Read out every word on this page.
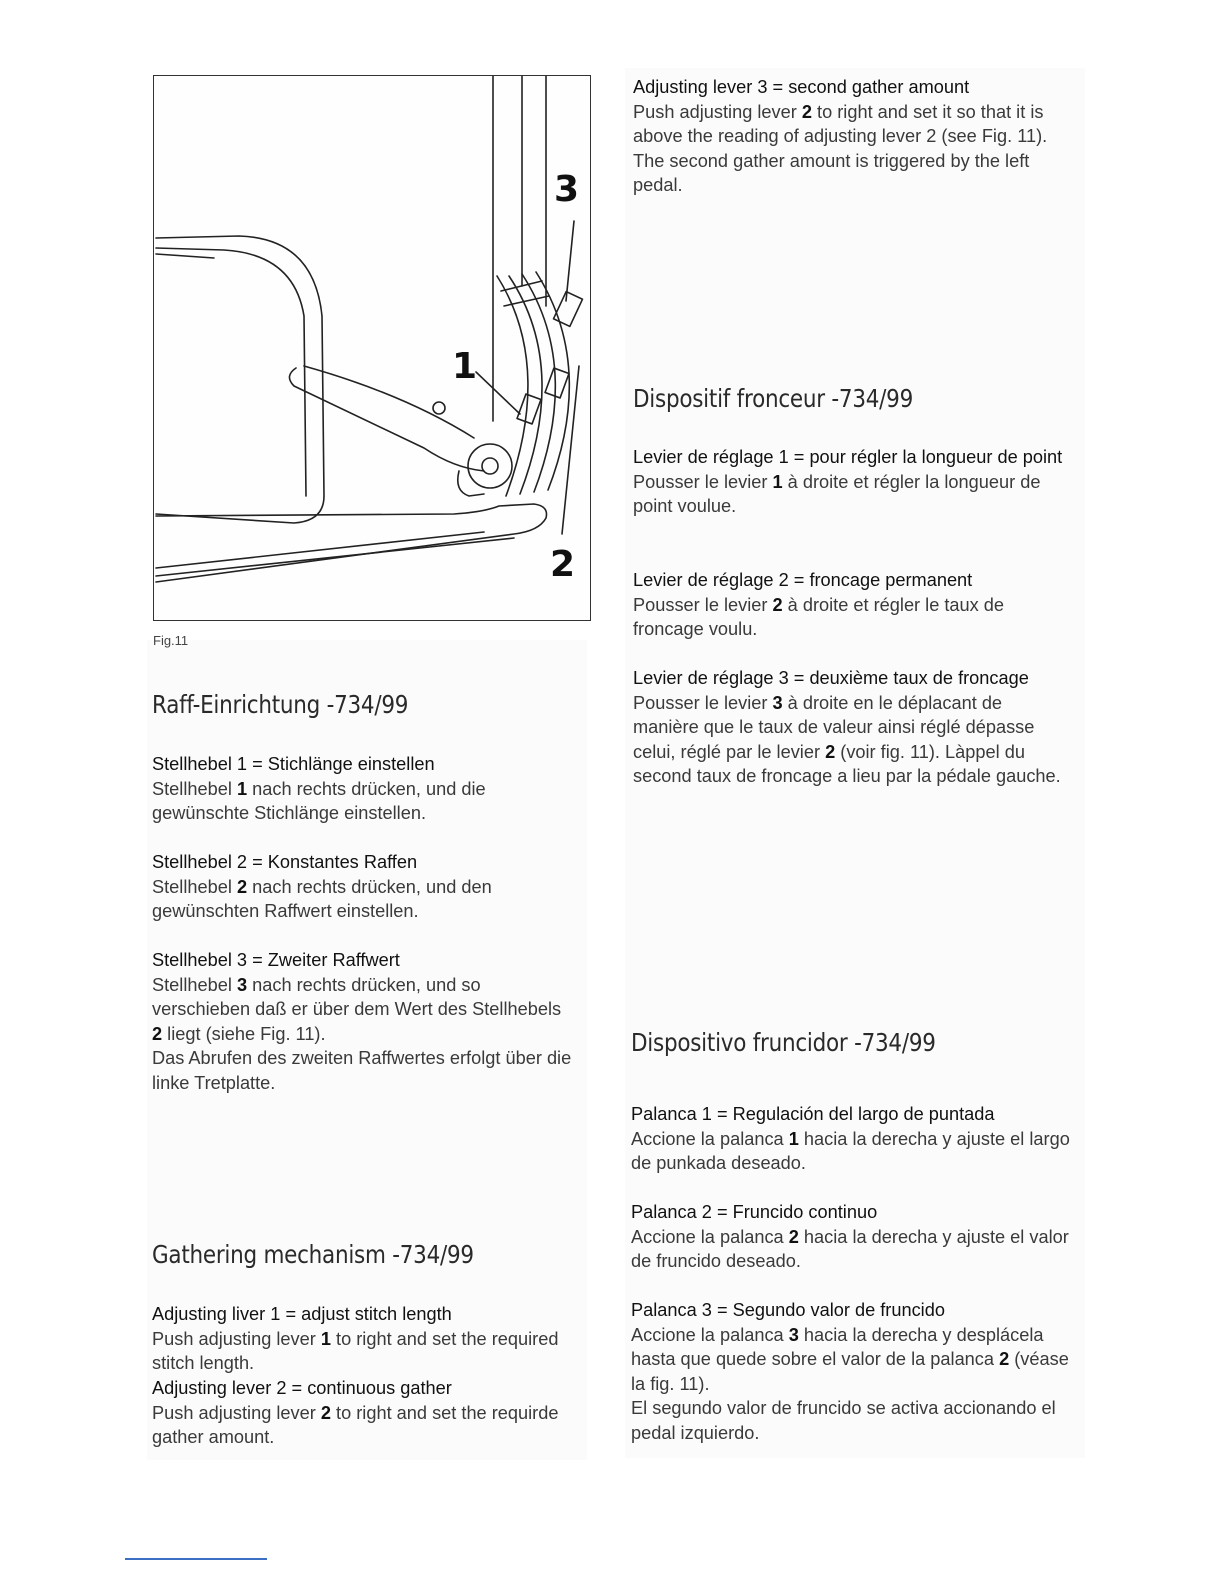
3
1
2
Fig.11
Raff-Einrichtung -734/99
Stellhebel 1 = Stichlänge einstellen
Stellhebel 1 nach rechts drücken, und die gewünschte Stichlänge einstellen.
Stellhebel 2 = Konstantes Raffen
Stellhebel 2 nach rechts drücken, und den gewünschten Raffwert einstellen.
Stellhebel 3 = Zweiter Raffwert
Stellhebel 3 nach rechts drücken, und so verschieben daß er über dem Wert des Stellhebels 2 liegt (siehe Fig. 11).
Das Abrufen des zweiten Raffwertes erfolgt über die linke Tretplatte.
Gathering mechanism -734/99
Adjusting liver 1 = adjust stitch length
Push adjusting lever 1 to right and set the required stitch length.
Adjusting lever 2 = continuous gather
Push adjusting lever 2 to right and set the requirde gather amount.
Adjusting lever 3 = second gather amount
Push adjusting lever 2 to right and set it so that it is above the reading of adjusting lever 2 (see Fig. 11).
The second gather amount is triggered by the left pedal.
Dispositif fronceur -734/99
Levier de réglage 1 = pour régler la longueur de point
Pousser le levier 1 à droite et régler la longueur de point voulue.
Levier de réglage 2 = froncage permanent
Pousser le levier 2 à droite et régler le taux de froncage voulu.
Levier de réglage 3 = deuxième taux de froncage
Pousser le levier 3 à droite en le déplacant de manière que le taux de valeur ainsi réglé dépasse celui, réglé par le levier 2 (voir fig. 11). Làppel du second taux de froncage a lieu par la pédale gauche.
Dispositivo fruncidor -734/99
Palanca 1 = Regulación del largo de puntada
Accione la palanca 1 hacia la derecha y ajuste el largo de punkada deseado.
Palanca 2 = Fruncido continuo
Accione la palanca 2 hacia la derecha y ajuste el valor de fruncido deseado.
Palanca 3 = Segundo valor de fruncido
Accione la palanca 3 hacia la derecha y desplácela hasta que quede sobre el valor de la palanca 2 (véase la fig. 11).
El segundo valor de fruncido se activa accionando el pedal izquierdo.
